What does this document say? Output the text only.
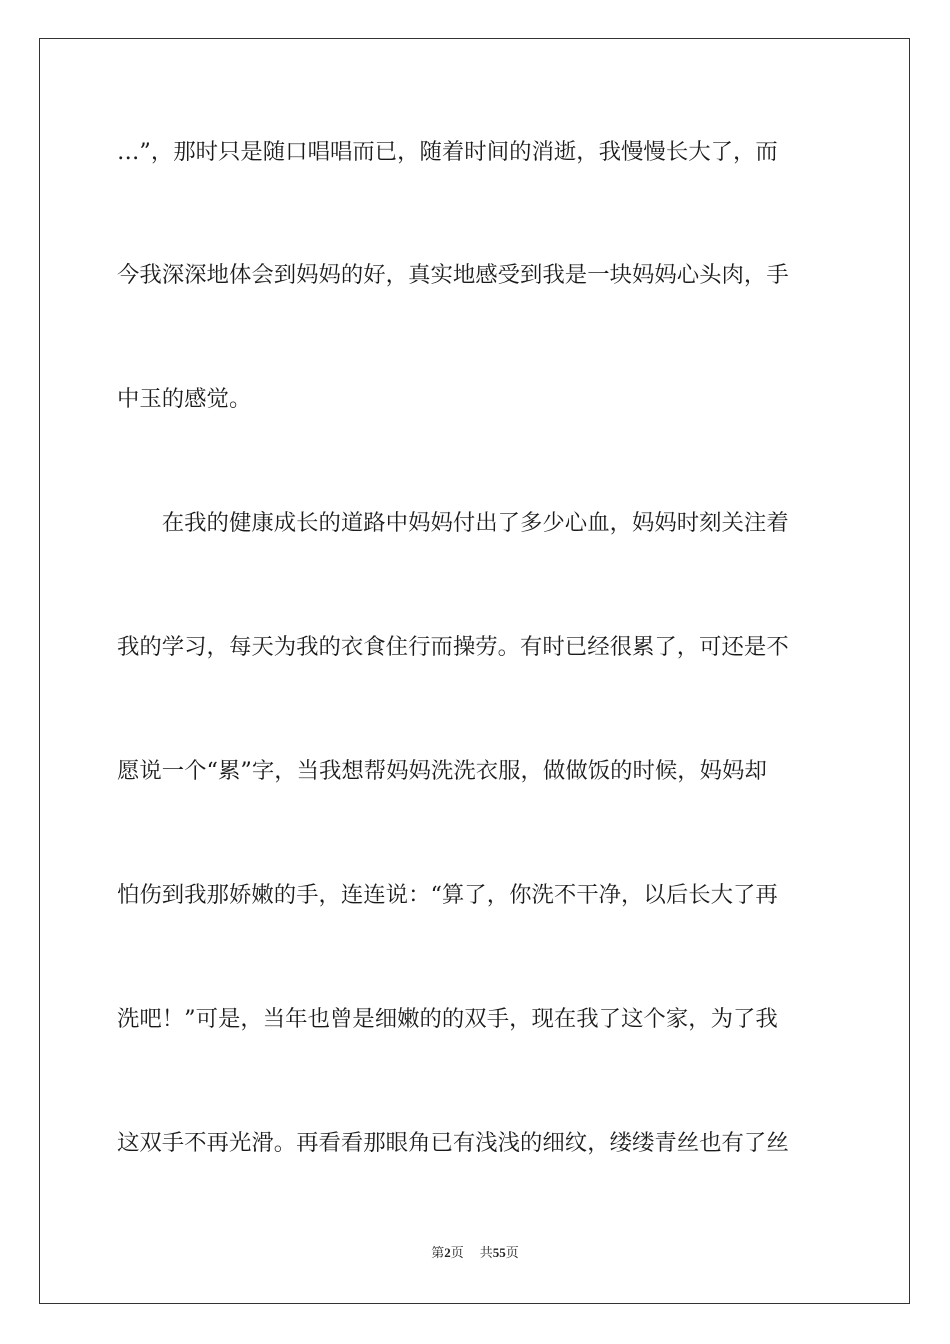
…”，那时只是随口唱唱而已，随着时间的消逝，我慢慢长大了，而
今我深深地体会到妈妈的好，真实地感受到我是一块妈妈心头肉，手
中玉的感觉。
　　在我的健康成长的道路中妈妈付出了多少心血，妈妈时刻关注着
我的学习，每天为我的衣食住行而操劳。有时已经很累了，可还是不
愿说一个“累”字，当我想帮妈妈洗洗衣服，做做饭的时候，妈妈却
怕伤到我那娇嫩的手，连连说：“算了，你洗不干净，以后长大了再
洗吧！”可是，当年也曾是细嫩的的双手，现在我了这个家，为了我
这双手不再光滑。再看看那眼角已有浅浅的细纹，缕缕青丝也有了丝
第2页 共55页
